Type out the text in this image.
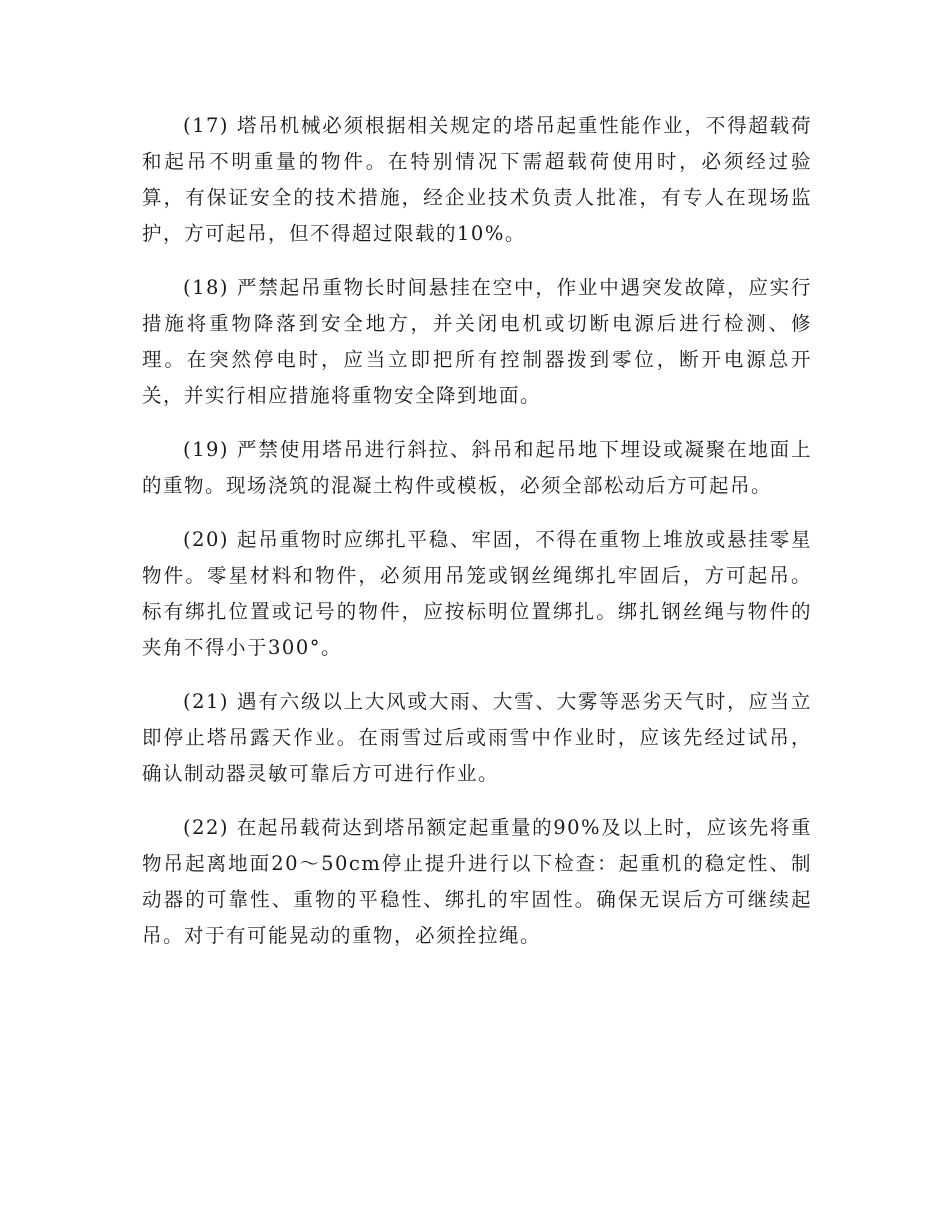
(17) 塔吊机械必须根据相关规定的塔吊起重性能作业，不得超载荷和起吊不明重量的物件。在特别情况下需超载荷使用时，必须经过验算，有保证安全的技术措施，经企业技术负责人批准，有专人在现场监护，方可起吊，但不得超过限载的10%。

(18) 严禁起吊重物长时间悬挂在空中，作业中遇突发故障，应实行措施将重物降落到安全地方，并关闭电机或切断电源后进行检测、修理。在突然停电时，应当立即把所有控制器拨到零位，断开电源总开关，并实行相应措施将重物安全降到地面。

(19) 严禁使用塔吊进行斜拉、斜吊和起吊地下埋设或凝聚在地面上的重物。现场浇筑的混凝土构件或模板，必须全部松动后方可起吊。

(20) 起吊重物时应绑扎平稳、牢固，不得在重物上堆放或悬挂零星物件。零星材料和物件，必须用吊笼或钢丝绳绑扎牢固后，方可起吊。标有绑扎位置或记号的物件，应按标明位置绑扎。绑扎钢丝绳与物件的夹角不得小于300°。

(21) 遇有六级以上大风或大雨、大雪、大雾等恶劣天气时，应当立即停止塔吊露天作业。在雨雪过后或雨雪中作业时，应该先经过试吊，确认制动器灵敏可靠后方可进行作业。

(22) 在起吊载荷达到塔吊额定起重量的90%及以上时，应该先将重物吊起离地面20～50cm停止提升进行以下检查：起重机的稳定性、制动器的可靠性、重物的平稳性、绑扎的牢固性。确保无误后方可继续起吊。对于有可能晃动的重物，必须拴拉绳。
